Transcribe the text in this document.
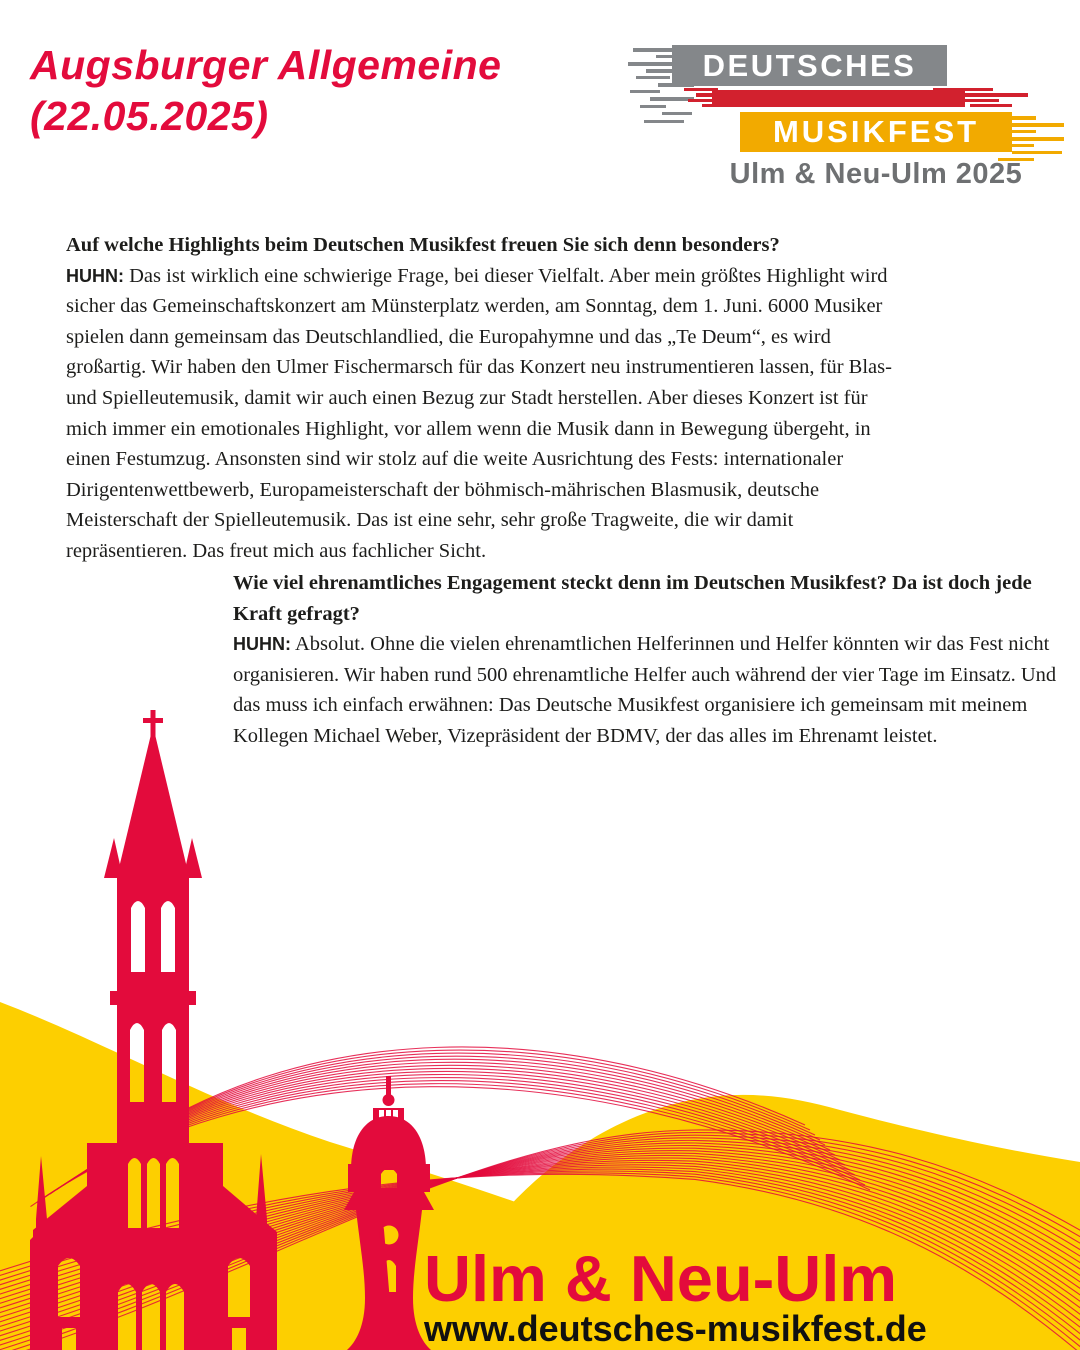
Augsburger Allgemeine
(22.05.2025)
DEUTSCHES
MUSIKFEST
Ulm & Neu-Ulm 2025
Auf welche Highlights beim Deutschen Musikfest freuen Sie sich denn besonders?
HUHN: Das ist wirklich eine schwierige Frage, bei dieser Vielfalt. Aber mein größtes Highlight wird sicher das Gemeinschaftskonzert am Münsterplatz werden, am Sonntag, dem 1. Juni. 6000 Musiker spielen dann gemeinsam das Deutschlandlied, die Europahymne und das „Te Deum“, es wird großartig. Wir haben den Ulmer Fischermarsch für das Konzert neu instrumentieren lassen, für Blas- und Spielleutemusik, damit wir auch einen Bezug zur Stadt herstellen. Aber dieses Konzert ist für mich immer ein emotionales Highlight, vor allem wenn die Musik dann in Bewegung übergeht, in einen Festumzug. Ansonsten sind wir stolz auf die weite Ausrichtung des Fests: internationaler Dirigentenwettbewerb, Europameisterschaft der böhmisch-mährischen Blasmusik, deutsche Meisterschaft der Spielleutemusik. Das ist eine sehr, sehr große Tragweite, die wir damit repräsentieren. Das freut mich aus fachlicher Sicht.
Wie viel ehrenamtliches Engagement steckt denn im Deutschen Musikfest? Da ist doch jede Kraft gefragt?
HUHN: Absolut. Ohne die vielen ehrenamtlichen Helferinnen und Helfer könnten wir das Fest nicht organisieren. Wir haben rund 500 ehrenamtliche Helfer auch während der vier Tage im Einsatz. Und das muss ich einfach erwähnen: Das Deutsche Musikfest organisiere ich gemeinsam mit meinem Kollegen Michael Weber, Vizepräsident der BDMV, der das alles im Ehrenamt leistet.
Ulm & Neu-Ulm
www.deutsches-musikfest.de
